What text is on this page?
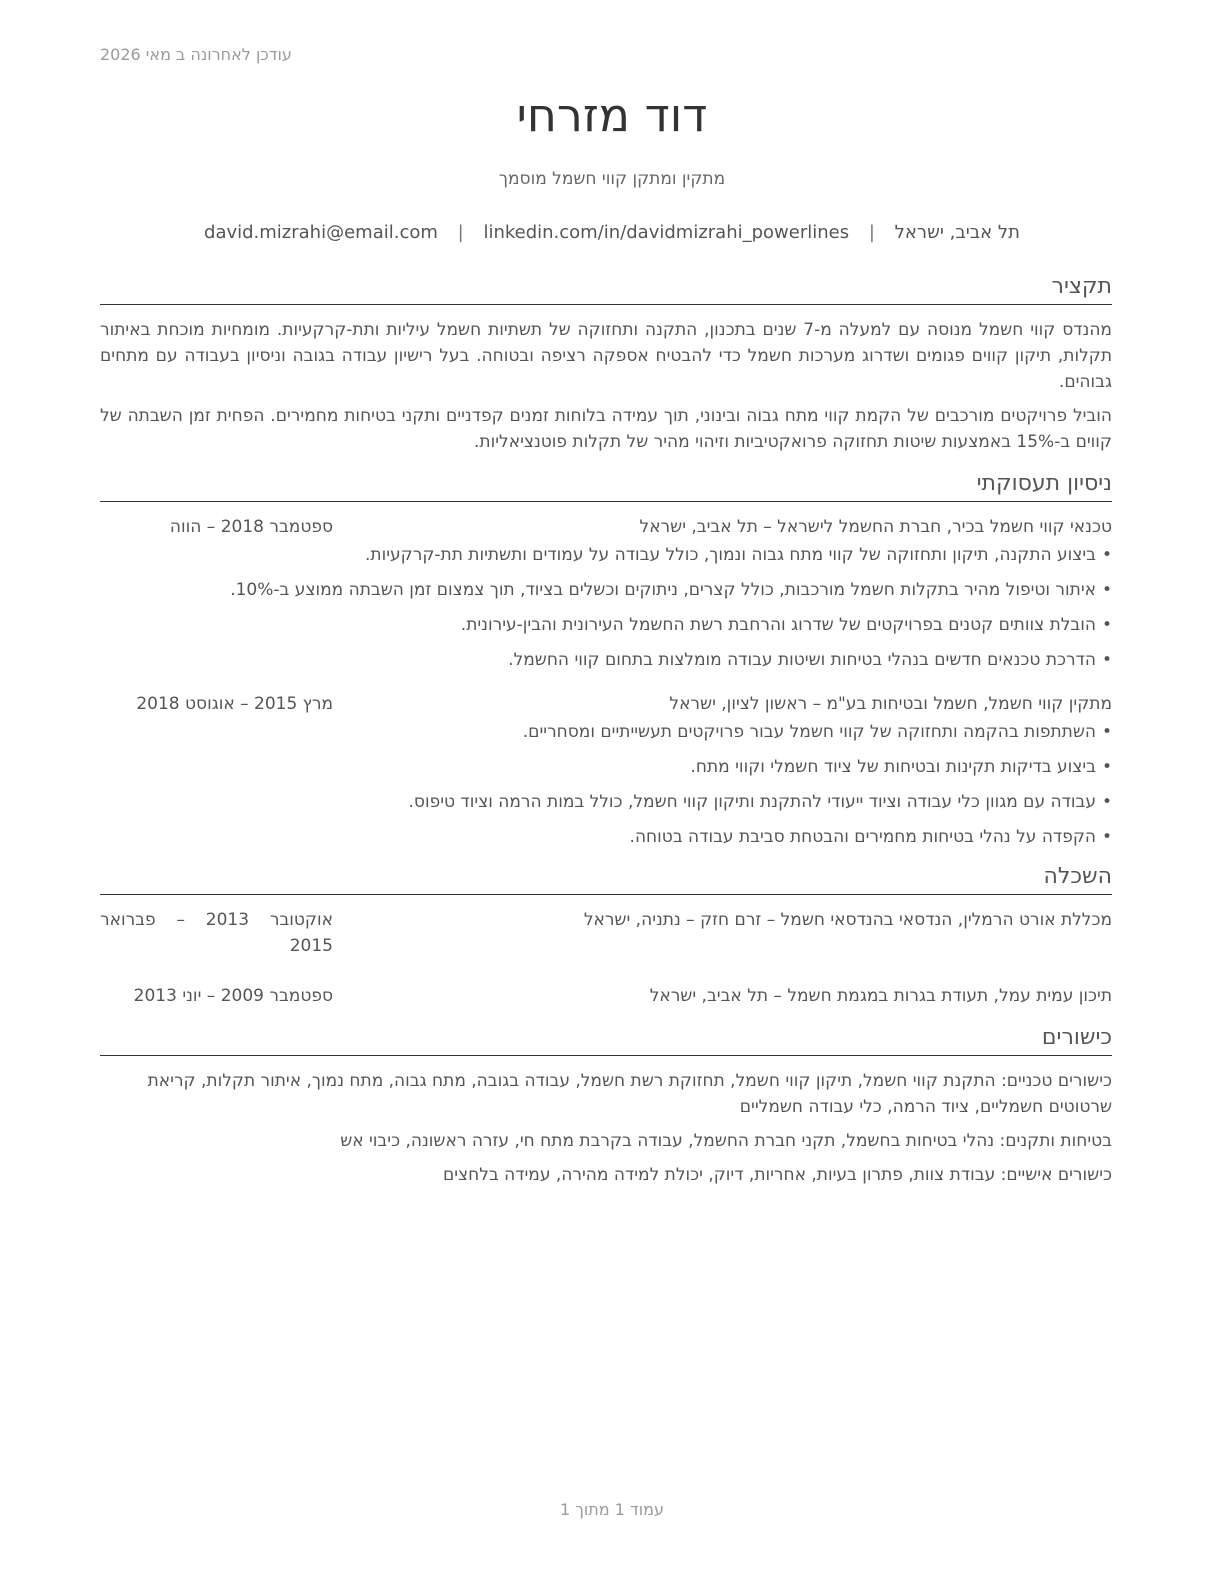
עודכן לאחרונה ב מאי 2026
דוד מזרחי
מתקין ומתקן קווי חשמל מוסמך
תל אביב, ישראל | david.mizrahi@email.com | linkedin.com/in/davidmizrahi_powerlines
תקציר

מהנדס קווי חשמל מנוסה עם למעלה מ-7 שנים בתכנון, התקנה ותחזוקה של תשתיות חשמל עיליות ותת-קרקעיות. מומחיות מוכחת באיתור תקלות, תיקון קווים פגומים ושדרוג מערכות חשמל כדי להבטיח אספקה רציפה ובטוחה. בעל רישיון עבודה בגובה וניסיון בעבודה עם מתחים גבוהים.

הוביל פרויקטים מורכבים של הקמת קווי מתח גבוה ובינוני, תוך עמידה בלוחות זמנים קפדניים ותקני בטיחות מחמירים. הפחית זמן השבתה של קווים ב-15% באמצעות שיטות תחזוקה פרואקטיביות וזיהוי מהיר של תקלות פוטנציאליות.

ניסיון תעסוקתי
טכנאי קווי חשמל בכיר, חברת החשמל לישראל – תל אביב, ישראל
ספטמבר 2018 – הווה
• ביצוע התקנה, תיקון ותחזוקה של קווי מתח גבוה ונמוך, כולל עבודה על עמודים ותשתיות תת-קרקעיות.
• איתור וטיפול מהיר בתקלות חשמל מורכבות, כולל קצרים, ניתוקים וכשלים בציוד, תוך צמצום זמן השבתה ממוצע ב-10%.
• הובלת צוותים קטנים בפרויקטים של שדרוג והרחבת רשת החשמל העירונית והבין-עירונית.
• הדרכת טכנאים חדשים בנהלי בטיחות ושיטות עבודה מומלצות בתחום קווי החשמל.
מתקין קווי חשמל, חשמל ובטיחות בע"מ – ראשון לציון, ישראל
מרץ 2015 – אוגוסט 2018
• השתתפות בהקמה ותחזוקה של קווי חשמל עבור פרויקטים תעשייתיים ומסחריים.
• ביצוע בדיקות תקינות ובטיחות של ציוד חשמלי וקווי מתח.
• עבודה עם מגוון כלי עבודה וציוד ייעודי להתקנת ותיקון קווי חשמל, כולל במות הרמה וציוד טיפוס.
• הקפדה על נהלי בטיחות מחמירים והבטחת סביבת עבודה בטוחה.
השכלה
מכללת אורט הרמלין, הנדסאי בהנדסאי חשמל – זרם חזק – נתניה, ישראל
אוקטובר 2013 – פברואר 2015
תיכון עמית עמל, תעודת בגרות במגמת חשמל – תל אביב, ישראל
ספטמבר 2009 – יוני 2013
כישורים

כישורים טכניים: התקנת קווי חשמל, תיקון קווי חשמל, תחזוקת רשת חשמל, עבודה בגובה, מתח גבוה, מתח נמוך, איתור תקלות, קריאת שרטוטים חשמליים, ציוד הרמה, כלי עבודה חשמליים

בטיחות ותקנים: נהלי בטיחות בחשמל, תקני חברת החשמל, עבודה בקרבת מתח חי, עזרה ראשונה, כיבוי אש

כישורים אישיים: עבודת צוות, פתרון בעיות, אחריות, דיוק, יכולת למידה מהירה, עמידה בלחצים

עמוד 1 מתוך 1
